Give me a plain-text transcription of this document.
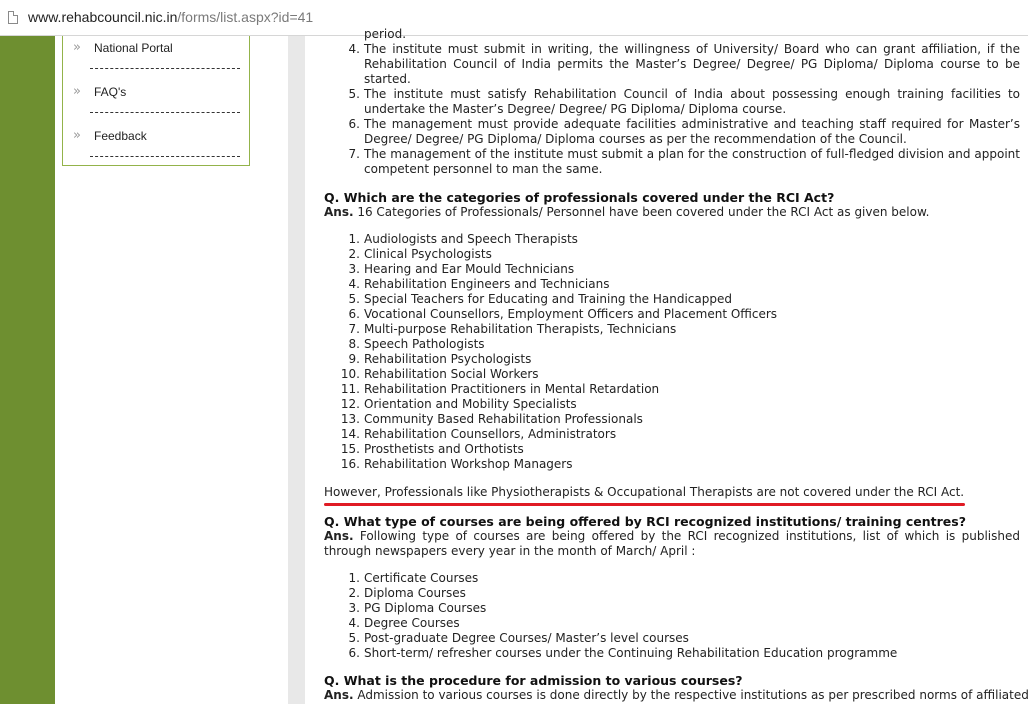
www.rehabcouncil.nic.in/forms/list.aspx?id=41
» National Portal
» FAQ's
» Feedback
period.
4. The institute must submit in writing, the willingness of University/ Board who can grant affiliation, if the Rehabilitation Council of India permits the Master’s Degree/ Degree/ PG Diploma/ Diploma course to be started.
5. The institute must satisfy Rehabilitation Council of India about possessing enough training facilities to undertake the Master’s Degree/ Degree/ PG Diploma/ Diploma course.
6. The management must provide adequate facilities administrative and teaching staff required for Master’s Degree/ Degree/ PG Diploma/ Diploma courses as per the recommendation of the Council.
7. The management of the institute must submit a plan for the construction of full-fledged division and appoint competent personnel to man the same.
Q. Which are the categories of professionals covered under the RCI Act?
Ans. 16 Categories of Professionals/ Personnel have been covered under the RCI Act as given below.
1. Audiologists and Speech Therapists
2. Clinical Psychologists
3. Hearing and Ear Mould Technicians
4. Rehabilitation Engineers and Technicians
5. Special Teachers for Educating and Training the Handicapped
6. Vocational Counsellors, Employment Officers and Placement Officers
7. Multi-purpose Rehabilitation Therapists, Technicians
8. Speech Pathologists
9. Rehabilitation Psychologists
10. Rehabilitation Social Workers
11. Rehabilitation Practitioners in Mental Retardation
12. Orientation and Mobility Specialists
13. Community Based Rehabilitation Professionals
14. Rehabilitation Counsellors, Administrators
15. Prosthetists and Orthotists
16. Rehabilitation Workshop Managers
However, Professionals like Physiotherapists & Occupational Therapists are not covered under the RCI Act.
Q. What type of courses are being offered by RCI recognized institutions/ training centres?
Ans. Following type of courses are being offered by the RCI recognized institutions, list of which is published through newspapers every year in the month of March/ April :
1. Certificate Courses
2. Diploma Courses
3. PG Diploma Courses
4. Degree Courses
5. Post-graduate Degree Courses/ Master’s level courses
6. Short-term/ refresher courses under the Continuing Rehabilitation Education programme
Q. What is the procedure for admission to various courses?
Ans. Admission to various courses is done directly by the respective institutions as per prescribed norms of affiliated
